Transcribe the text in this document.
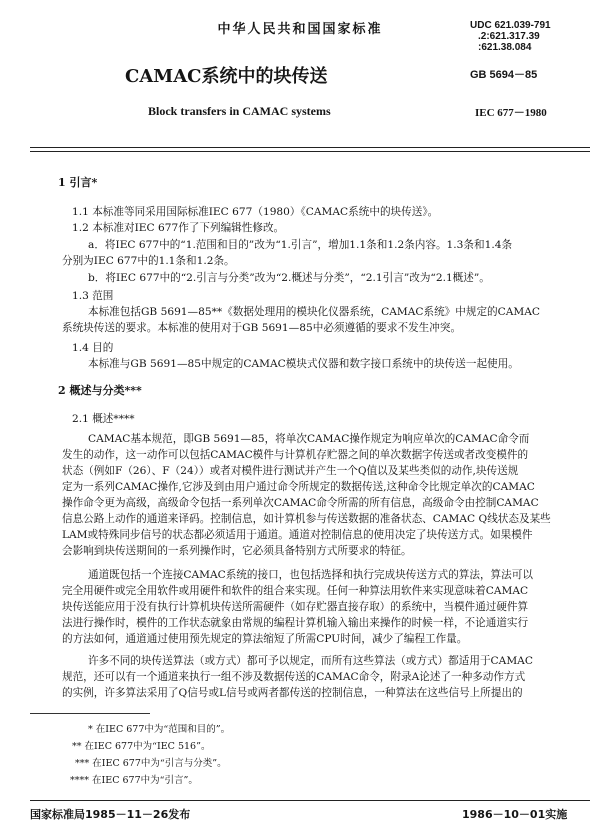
中华人民共和国国家标准	UDC 621.039-791
.2:621.317.39
:621.38.084
CAMAC系统中的块传送	GB 5694－85
Block transfers in CAMAC systems	IEC 677－1980
1 引言*
1.1 本标准等同采用国际标准IEC 677（1980）《CAMAC系统中的块传送》。
1.2 本标准对IEC 677作了下列编辑性修改。
a．将IEC 677中的“1.范围和目的”改为“1.引言”，增加1.1条和1.2条内容。1.3条和1.4条
分别为IEC 677中的1.1条和1.2条。
b．将IEC 677中的“2.引言与分类”改为“2.概述与分类”，“2.1引言”改为“2.1概述”。
1.3 范围
本标准包括GB 5691—85**《数据处理用的模块化仪器系统，CAMAC系统》中规定的CAMAC
系统块传送的要求。本标准的使用对于GB 5691—85中必须遵循的要求不发生冲突。
1.4 目的
本标准与GB 5691—85中规定的CAMAC模块式仪器和数字接口系统中的块传送一起使用。
2 概述与分类***
2.1 概述****
CAMAC基本规范，即GB 5691—85，将单次CAMAC操作规定为响应单次的CAMAC命令而
发生的动作，这一动作可以包括CAMAC模件与计算机存贮器之间的单次数据字传送或者改变模件的
状态（例如F（26）、F（24））或者对模件进行测试并产生一个Q值以及某些类似的动作,块传送规
定为一系列CAMAC操作,它涉及到由用户通过命令所规定的数据传送,这种命令比规定单次的CAMAC
操作命令更为高级，高级命令包括一系列单次CAMAC命令所需的所有信息，高级命令由控制CAMAC
信息公路上动作的通道来译码。控制信息，如计算机参与传送数据的准备状态、CAMAC Q线状态及某些
LAM或特殊同步信号的状态都必须适用于通道。通道对控制信息的使用决定了块传送方式。如果模件
会影响到块传送期间的一系列操作时，它必须具备特别方式所要求的特征。
通道既包括一个连接CAMAC系统的接口，也包括选择和执行完成块传送方式的算法，算法可以
完全用硬件或完全用软件或用硬件和软件的组合来实现。任何一种算法用软件来实现意味着CAMAC
块传送能应用于没有执行计算机块传送所需硬件（如存贮器直接存取）的系统中，当模件通过硬件算
法进行操作时，模件的工作状态就象由常规的编程计算机输入输出来操作的时候一样，不论通道实行
的方法如何，通道通过使用预先规定的算法缩短了所需CPU时间，减少了编程工作量。
许多不同的块传送算法（或方式）都可予以规定，而所有这些算法（或方式）都适用于CAMAC
规范，还可以有一个通道来执行一组不涉及数据传送的CAMAC命令，附录A论述了一种多动作方式
的实例，许多算法采用了Q信号或L信号或两者都传送的控制信息，一种算法在这些信号上所提出的
* 在IEC 677中为“范围和目的”。
** 在IEC 677中为“IEC 516”。
*** 在IEC 677中为“引言与分类”。
**** 在IEC 677中为“引言”。
国家标准局1985－11－26发布	1986－10－01实施
